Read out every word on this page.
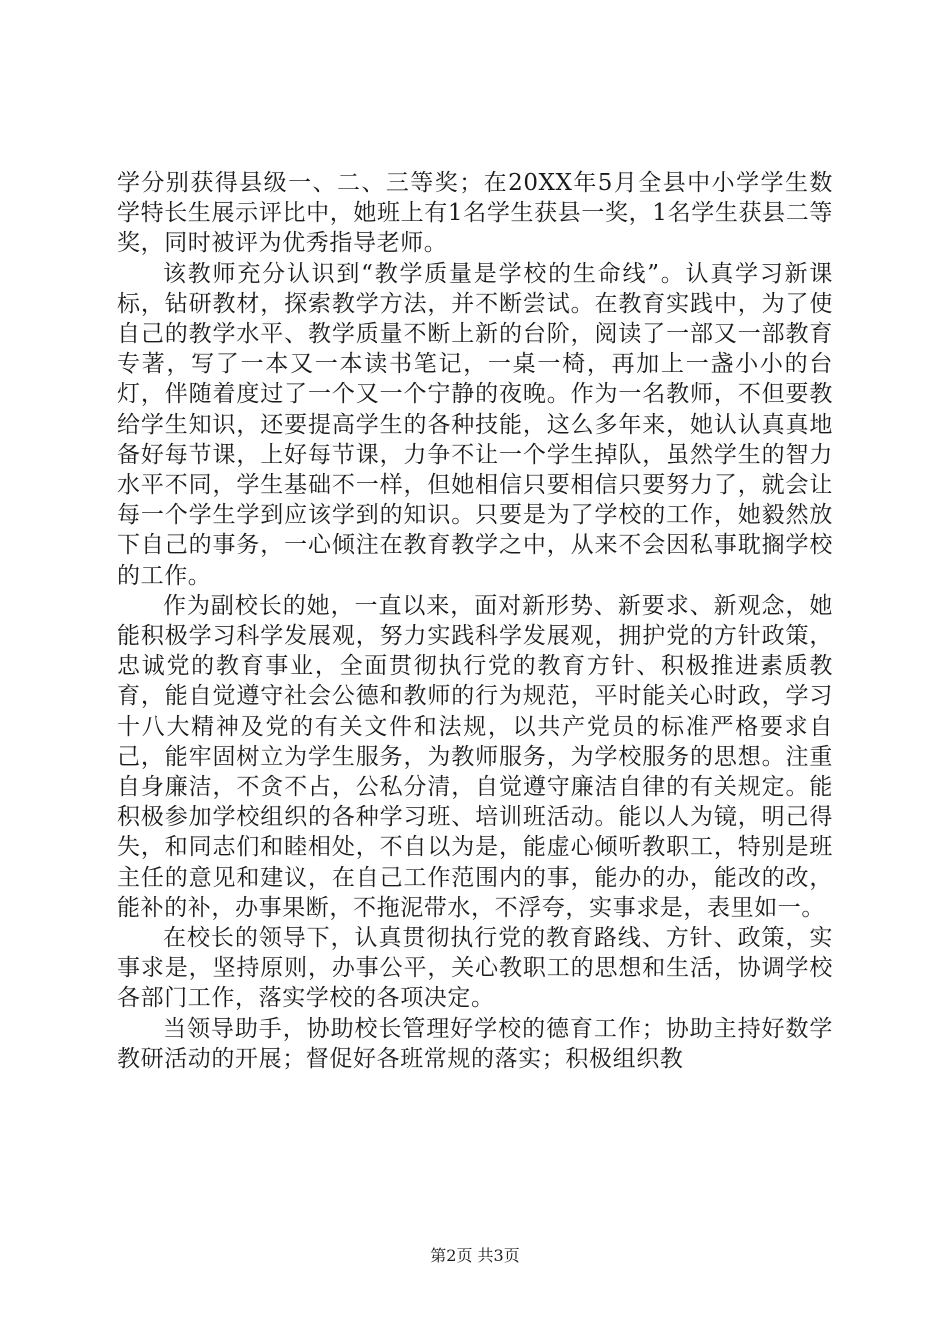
学分别获得县级一、二、三等奖；在20XX年5月全县中小学学生数学特长生展示评比中，她班上有1名学生获县一奖，1名学生获县二等奖，同时被评为优秀指导老师。

该教师充分认识到“教学质量是学校的生命线”。认真学习新课标，钻研教材，探索教学方法，并不断尝试。在教育实践中，为了使自己的教学水平、教学质量不断上新的台阶，阅读了一部又一部教育专著，写了一本又一本读书笔记，一桌一椅，再加上一盏小小的台灯，伴随着度过了一个又一个宁静的夜晚。作为一名教师，不但要教给学生知识，还要提高学生的各种技能，这么多年来，她认认真真地备好每节课，上好每节课，力争不让一个学生掉队，虽然学生的智力水平不同，学生基础不一样，但她相信只要相信只要努力了，就会让每一个学生学到应该学到的知识。只要是为了学校的工作，她毅然放下自己的事务，一心倾注在教育教学之中，从来不会因私事耽搁学校的工作。

作为副校长的她，一直以来，面对新形势、新要求、新观念，她能积极学习科学发展观，努力实践科学发展观，拥护党的方针政策，忠诚党的教育事业，全面贯彻执行党的教育方针、积极推进素质教育，能自觉遵守社会公德和教师的行为规范，平时能关心时政，学习十八大精神及党的有关文件和法规，以共产党员的标准严格要求自己，能牢固树立为学生服务，为教师服务，为学校服务的思想。注重自身廉洁，不贪不占，公私分清，自觉遵守廉洁自律的有关规定。能积极参加学校组织的各种学习班、培训班活动。能以人为镜，明己得失，和同志们和睦相处，不自以为是，能虚心倾听教职工，特别是班主任的意见和建议，在自己工作范围内的事，能办的办，能改的改，能补的补，办事果断，不拖泥带水，不浮夸，实事求是，表里如一。

在校长的领导下，认真贯彻执行党的教育路线、方针、政策，实事求是，坚持原则，办事公平，关心教职工的思想和生活，协调学校各部门工作，落实学校的各项决定。

当领导助手，协助校长管理好学校的德育工作；协助主持好数学教研活动的开展；督促好各班常规的落实；积极组织教

第2页 共3页
